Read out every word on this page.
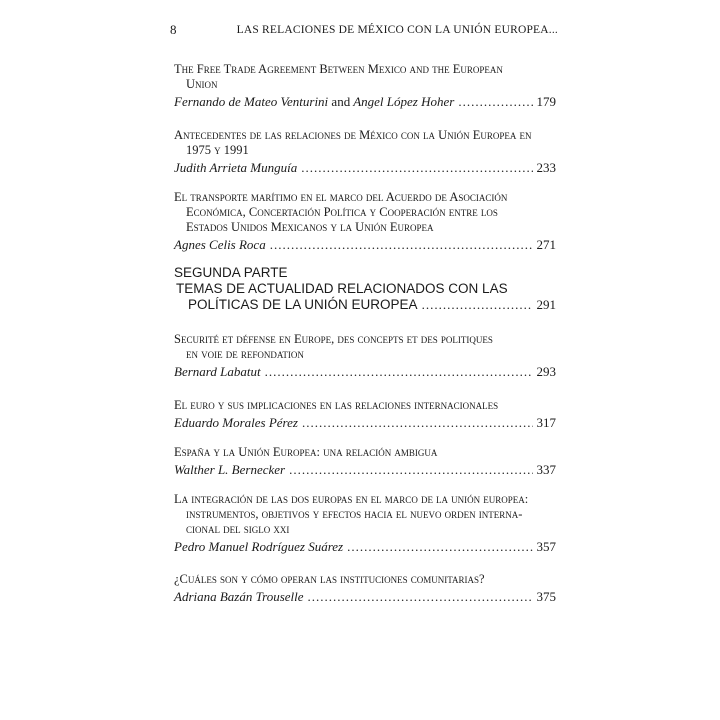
8	LAS RELACIONES DE MÉXICO CON LA UNIÓN EUROPEA...
The Free Trade Agreement Between Mexico and the European
Union
Fernando de Mateo Venturini and Angel López Hoher .....	179
Antecedentes de las relaciones de México con la Unión Europea en
1975 y 1991
Judith Arrieta Munguía .....	233
El transporte marítimo en el marco del Acuerdo de Asociación
Económica, Concertación Política y Cooperación entre los
Estados Unidos Mexicanos y la Unión Europea
Agnes Celis Roca .....	271
SEGUNDA PARTE
TEMAS DE ACTUALIDAD RELACIONADOS CON LAS
POLÍTICAS DE LA UNIÓN EUROPEA .....	291
Securité et défense en Europe, des concepts et des politiques
en voie de refondation
Bernard Labatut .....	293
El euro y sus implicaciones en las relaciones internacionales
Eduardo Morales Pérez .....	317
España y la Unión Europea: una relación ambigua
Walther L. Bernecker .....	337
La integración de las dos europas en el marco de la unión europea:
instrumentos, objetivos y efectos hacia el nuevo orden interna-
cional del siglo xxi
Pedro Manuel Rodríguez Suárez .....	357
¿Cuáles son y cómo operan las instituciones comunitarias?
Adriana Bazán Trouselle .....	375
